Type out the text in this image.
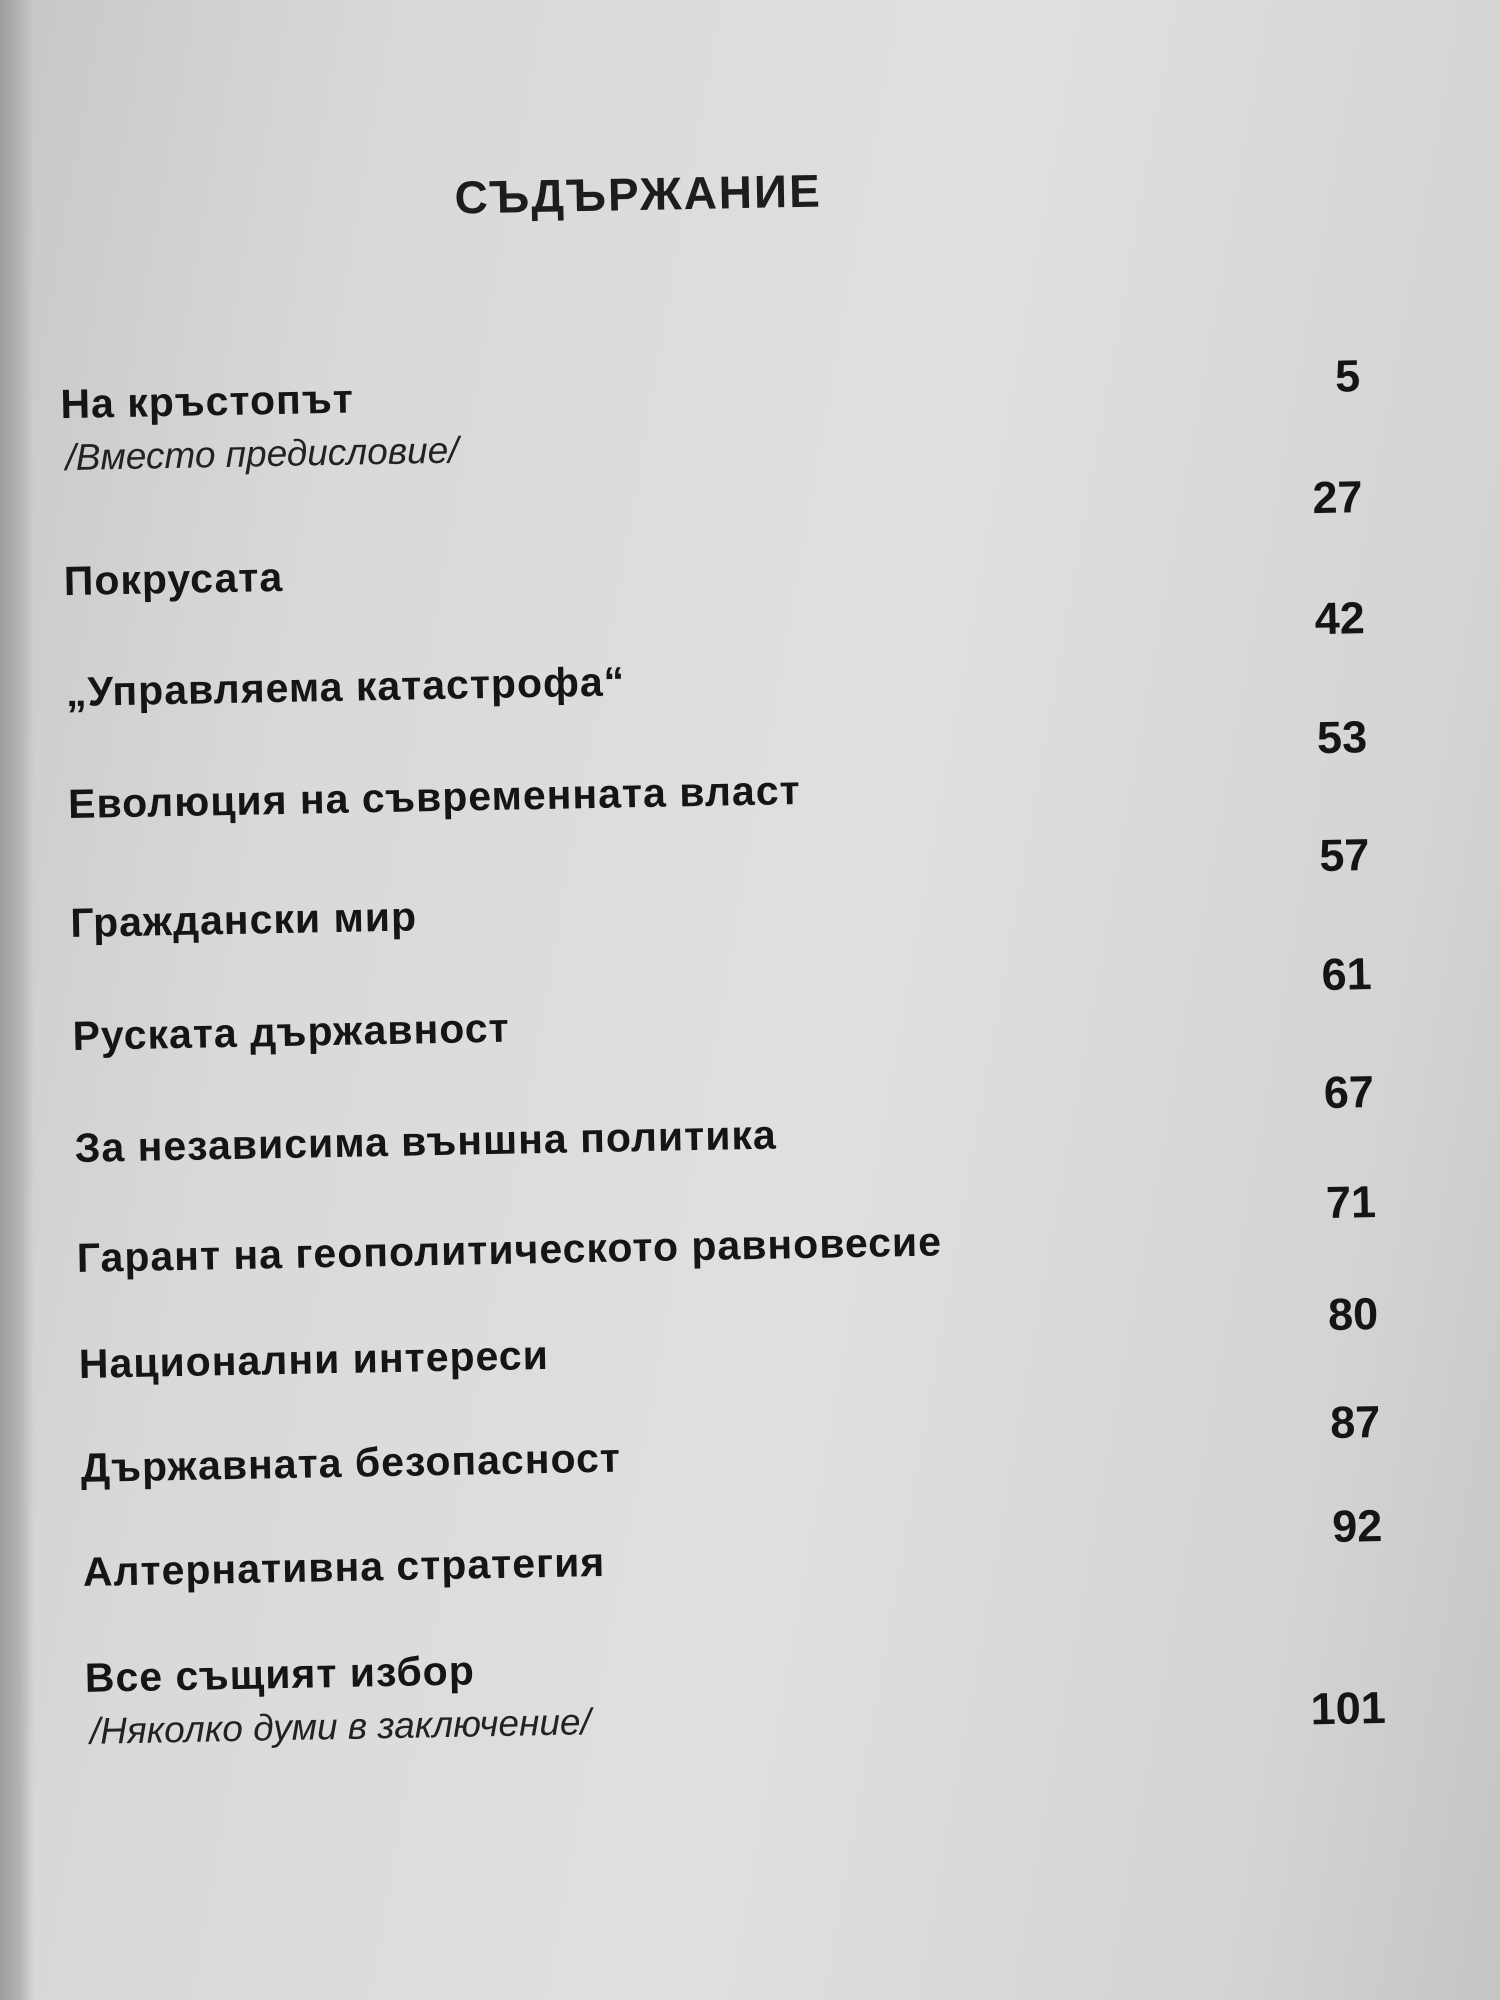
СЪДЪРЖАНИЕ
На кръстопът
/Вместо предисловие/
5
Покрусата
27
„Управляема катастрофа“
42
Еволюция на съвременната власт
53
Граждански мир
57
Руската държавност
61
За независима външна политика
67
Гарант на геополитическото равновесие
71
Национални интереси
80
Държавната безопасност
87
Алтернативна стратегия
92
Все същият избор
/Няколко думи в заключение/	101
